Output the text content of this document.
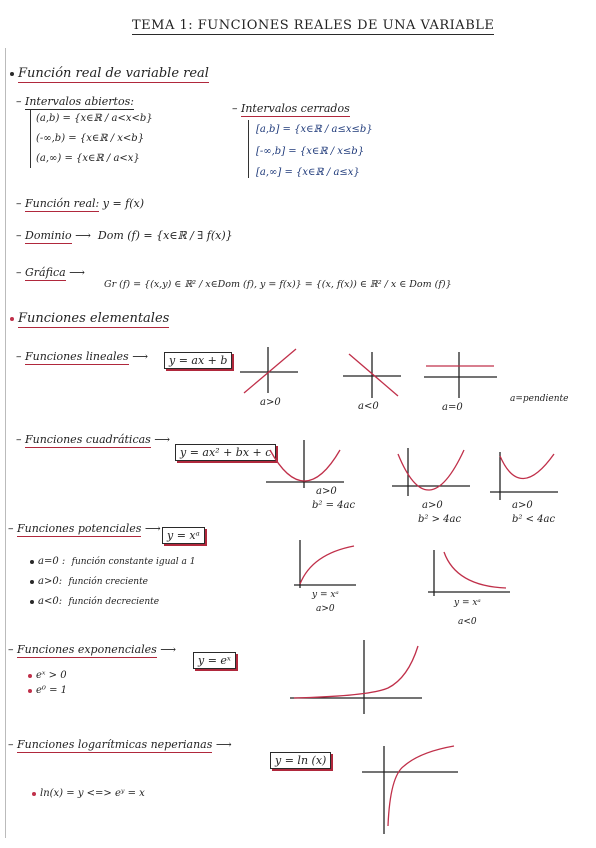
TEMA 1: FUNCIONES REALES DE UNA VARIABLE
Función real de variable real
– Intervalos abiertos:
(a,b) = {x∈ℝ / a<x<b}
(-∞,b) = {x∈ℝ / x<b}
(a,∞) = {x∈ℝ / a<x}
– Intervalos cerrados
[a,b] = {x∈ℝ / a≤x≤b}
[-∞,b] = {x∈ℝ / x≤b}
[a,∞] = {x∈ℝ / a≤x}
– Función real: y = f(x)
– Dominio ⟶  Dom (f) = {x∈ℝ / ∃ f(x)}
– Gráfica ⟶
Gr (f) = {(x,y) ∈ ℝ² / x∈Dom (f), y = f(x)} = {(x, f(x)) ∈ ℝ² / x ∈ Dom (f)}
Funciones elementales
– Funciones lineales ⟶	y = ax + b
a>0	a<0	a=0
a=pendiente
– Funciones cuadráticas ⟶
y = ax² + bx + c
a>0
b² = 4ac	a>0
b² > 4ac
a>0
b² < 4ac
– Funciones potenciales ⟶
y = xᵃ
a=0 : función constante igual a 1
a>0: función creciente
a<0: función decreciente
y = xᵃ
a>0
y = xᵃ
a<0
– Funciones exponenciales ⟶
y = eˣ
eˣ > 0
e⁰ = 1
– Funciones logarítmicas neperianas ⟶
y = ln (x)
ln(x) = y <=> eʸ = x
